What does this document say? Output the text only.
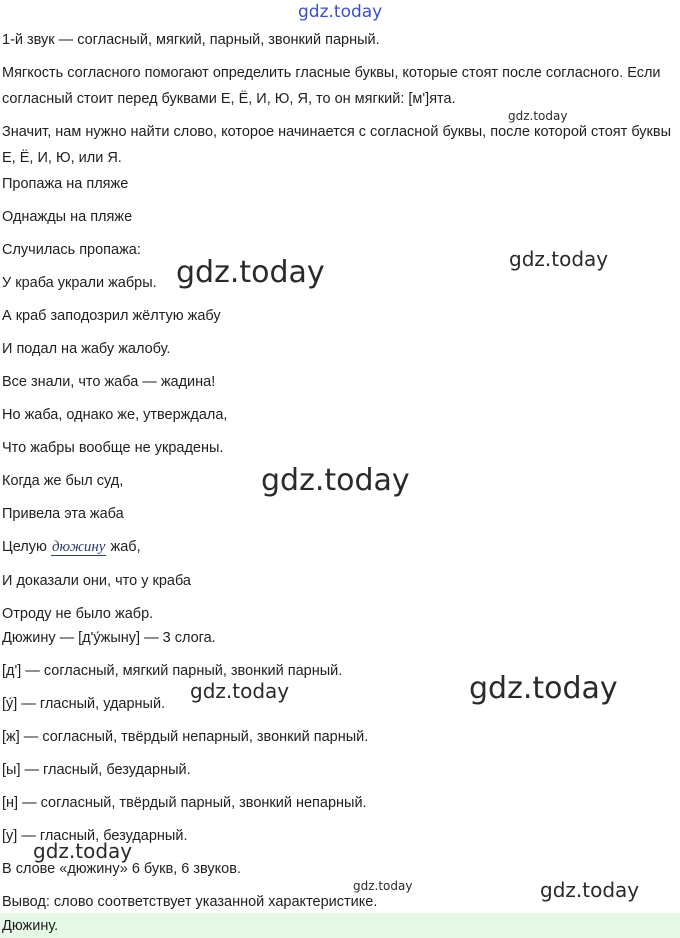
gdz.today
1-й звук — согласный, мягкий, парный, звонкий парный.
Мягкость согласного помогают определить гласные буквы, которые стоят после согласного. Если согласный стоит перед буквами Е, Ё, И, Ю, Я, то он мягкий: [м']ята.
Значит, нам нужно найти слово, которое начинается с согласной буквы, после которой стоят буквы Е, Ё, И, Ю, или Я.
Пропажа на пляже
Однажды на пляже
Случилась пропажа:
У краба украли жабры.
А краб заподозрил жёлтую жабу
И подал на жабу жалобу.
Все знали, что жаба — жадина!
Но жаба, однако же, утверждала,
Что жабры вообще не украдены.
Когда же был суд,
Привела эта жаба
Целую дюжину жаб,
И доказали они, что у краба
Отроду не было жабр.
Дюжину — [д'у́жыну] — 3 слога.
[д'] — согласный, мягкий парный, звонкий парный.
[у́] — гласный, ударный.
[ж] — согласный, твёрдый непарный, звонкий парный.
[ы] — гласный, безударный.
[н] — согласный, твёрдый парный, звонкий непарный.
[у] — гласный, безударный.
В слове «дюжину» 6 букв, 6 звуков.
Вывод: слово соответствует указанной характеристике.
Дюжину.
gdz.today
gdz.today	gdz.today
gdz.today
gdz.today	gdz.today
gdz.today
gdz.today	gdz.today
